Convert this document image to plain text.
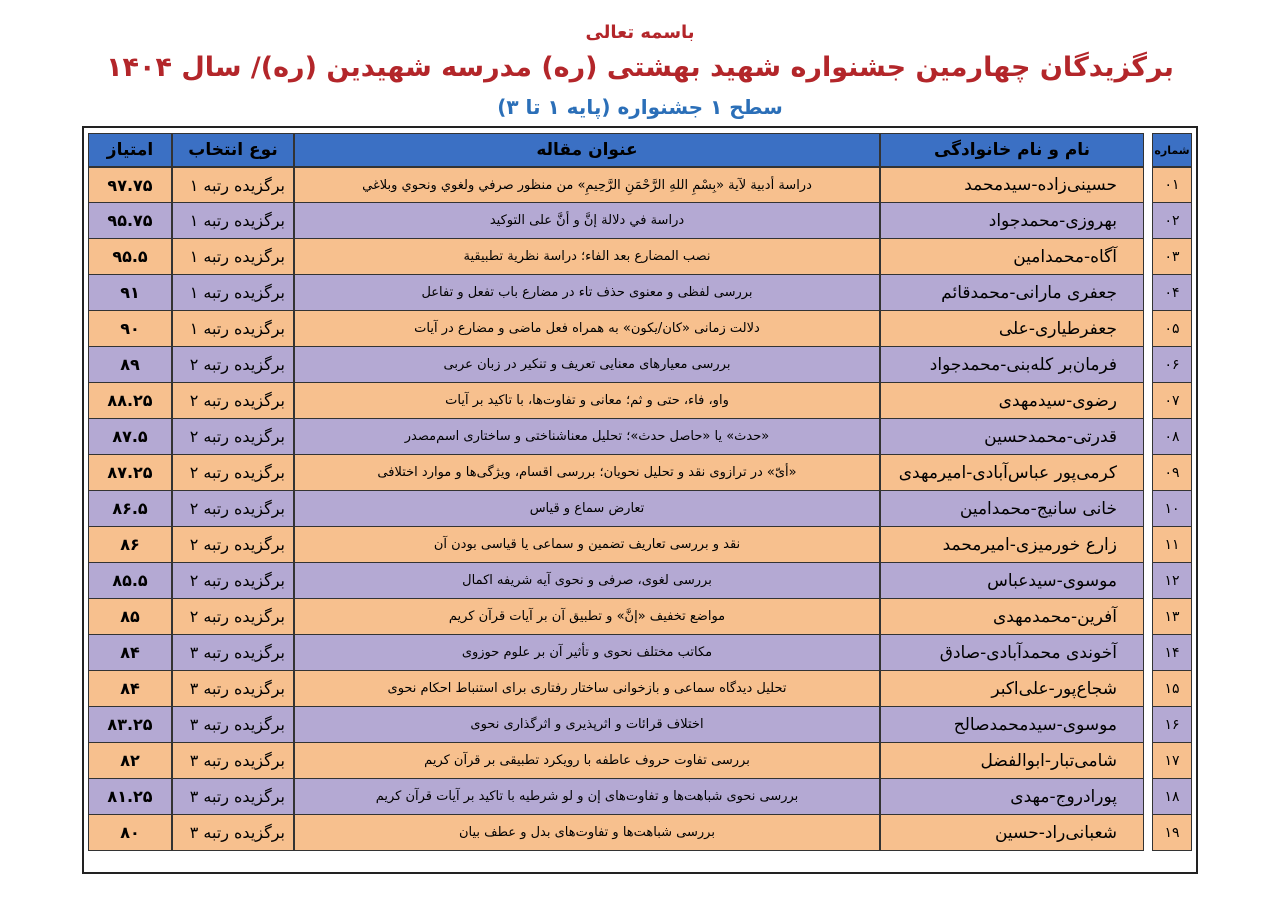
باسمه تعالی
برگزیدگان چهارمین جشنواره شهید بهشتی (ره) مدرسه شهیدین (ره)/ سال ۱۴۰۴
سطح ۱ جشنواره (پایه ۱ تا ۳)
شماره		نام و نام خانوادگی	عنوان مقاله	نوع انتخاب	امتیاز
۰۱		حسینی‌زاده-سیدمحمد	دراسة أدبية لآية «بِسْمِ اللهِ الرَّحْمَنِ الرَّحِيمِ» من منظور صرفي ولغوي ونحوي وبلاغي	برگزیده رتبه ۱	۹۷.۷۵
۰۲		بهروزی-محمدجواد	دراسة في دلالة إنَّ و أنَّ على التوكيد	برگزیده رتبه ۱	۹۵.۷۵
۰۳		آگاه-محمدامین	نصب المضارع بعد الفاء؛ دراسة نظرية تطبيقية	برگزیده رتبه ۱	۹۵.۵
۰۴		جعفری مارانی-محمدقائم	بررسی لفظی و معنوی حذف تاء در مضارع باب تفعل و تفاعل	برگزیده رتبه ۱	۹۱
۰۵		جعفرطیاری-علی	دلالت زمانی «کان/یکون» به همراه فعل ماضی و مضارع در آیات	برگزیده رتبه ۱	۹۰
۰۶		فرمان‌بر کله‌بنی-محمدجواد	بررسی معیارهای معنایی تعریف و تنکیر در زبان عربی	برگزیده رتبه ۲	۸۹
۰۷		رضوی-سیدمهدی	واو، فاء، حتی و ثم؛ معانی و تفاوت‌ها، با تاکید بر آیات	برگزیده رتبه ۲	۸۸.۲۵
۰۸		قدرتی-محمدحسین	«حدث» یا «حاصل حدث»؛ تحلیل معناشناختی و ساختاری اسم‌مصدر	برگزیده رتبه ۲	۸۷.۵
۰۹		کرمی‌پور عباس‌آبادی-امیرمهدی	«أیّ» در ترازوی نقد و تحلیل نحویان؛ بررسی اقسام، ویژگی‌ها و موارد اختلافی	برگزیده رتبه ۲	۸۷.۲۵
۱۰		خانی سانیج-محمدامین	تعارض سماع و قیاس	برگزیده رتبه ۲	۸۶.۵
۱۱		زارع خورمیزی-امیرمحمد	نقد و بررسی تعاریف تضمین و سماعی یا قیاسی بودن آن	برگزیده رتبه ۲	۸۶
۱۲		موسوی-سیدعباس	بررسی لغوی، صرفی و نحوی آیه شریفه اکمال	برگزیده رتبه ۲	۸۵.۵
۱۳		آفرین-محمدمهدی	مواضع تخفیف «إنَّ» و تطبیق آن بر آیات قرآن کریم	برگزیده رتبه ۲	۸۵
۱۴		آخوندی محمدآبادی-صادق	مکاتب مختلف نحوی و تأثیر آن بر علوم حوزوی	برگزیده رتبه ۳	۸۴
۱۵		شجاع‌پور-علی‌اکبر	تحلیل دیدگاه سماعی و بازخوانی ساختار رفتاری برای استنباط احکام نحوی	برگزیده رتبه ۳	۸۴
۱۶		موسوی-سیدمحمدصالح	اختلاف قرائات و اثرپذیری و اثرگذاری نحوی	برگزیده رتبه ۳	۸۳.۲۵
۱۷		شامی‌تبار-ابوالفضل	بررسی تفاوت حروف عاطفه با رویکرد تطبیقی بر قرآن کریم	برگزیده رتبه ۳	۸۲
۱۸		پورادروج-مهدی	بررسی نحوی شباهت‌ها و تفاوت‌های إن و لو شرطیه با تاکید بر آیات قرآن کریم	برگزیده رتبه ۳	۸۱.۲۵
۱۹		شعبانی‌راد-حسین	بررسی شباهت‌ها و تفاوت‌های بدل و عطف بیان	برگزیده رتبه ۳	۸۰
